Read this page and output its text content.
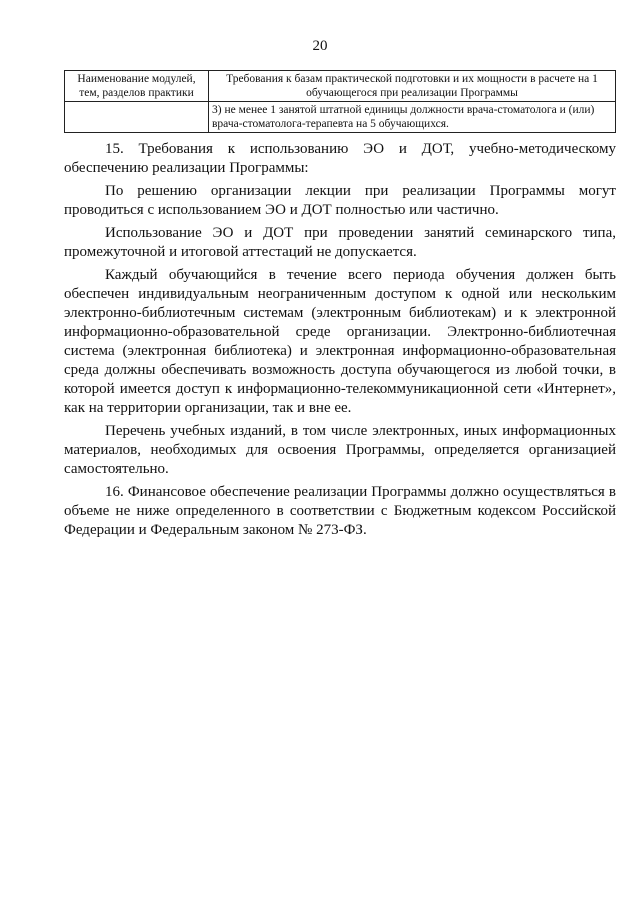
20
Наименование модулей, тем, разделов практики	Требования к базам практической подготовки и их мощности в расчете на 1 обучающегося при реализации Программы
	3) не менее 1 занятой штатной единицы должности врача-стоматолога и (или) врача-стоматолога-терапевта на 5 обучающихся.

15. Требования к использованию ЭО и ДОТ, учебно-методическому обеспечению реализации Программы:

По решению организации лекции при реализации Программы могут проводиться с использованием ЭО и ДОТ полностью или частично.

Использование ЭО и ДОТ при проведении занятий семинарского типа, промежуточной и итоговой аттестаций не допускается.

Каждый обучающийся в течение всего периода обучения должен быть обеспечен индивидуальным неограниченным доступом к одной или нескольким электронно-библиотечным системам (электронным библиотекам) и к электронной информационно-образовательной среде организации. Электронно-библиотечная система (электронная библиотека) и электронная информационно-образовательная среда должны обеспечивать возможность доступа обучающегося из любой точки, в которой имеется доступ к информационно-телекоммуникационной сети «Интернет», как на территории организации, так и вне ее.

Перечень учебных изданий, в том числе электронных, иных информационных материалов, необходимых для освоения Программы, определяется организацией самостоятельно.

16. Финансовое обеспечение реализации Программы должно осуществляться в объеме не ниже определенного в соответствии с Бюджетным кодексом Российской Федерации и Федеральным законом № 273-ФЗ.
